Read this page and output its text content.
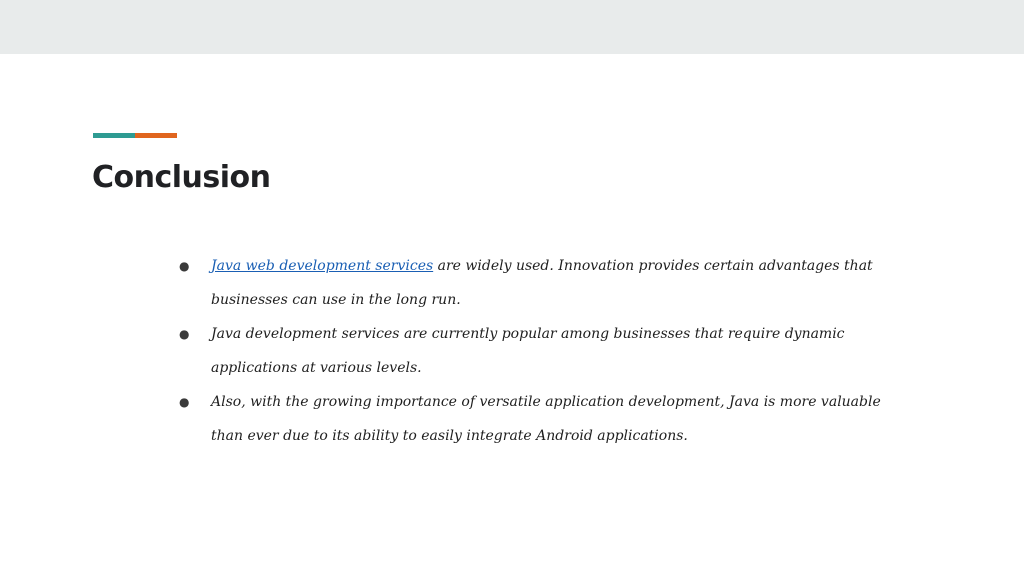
Conclusion
● Java web development services are widely used. Innovation provides certain advantages that businesses can use in the long run.
● Java development services are currently popular among businesses that require dynamic applications at various levels.
● Also, with the growing importance of versatile application development, Java is more valuable than ever due to its ability to easily integrate Android applications.
